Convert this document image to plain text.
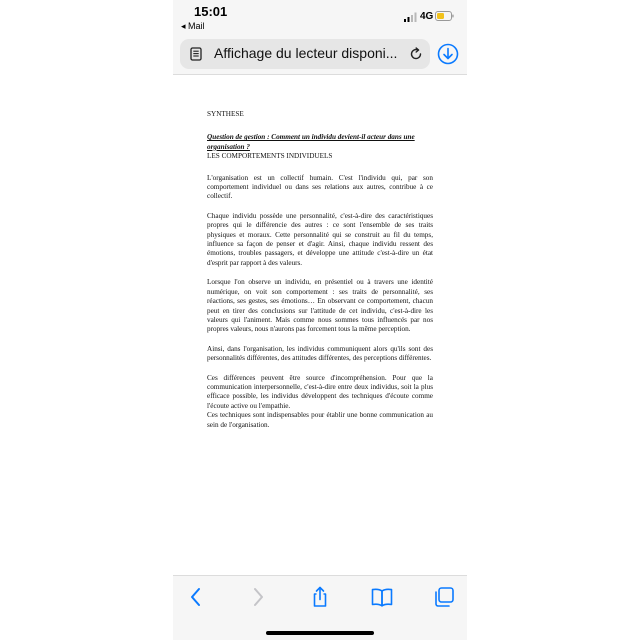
15:01
◂ Mail
4G
Affichage du lecteur disponi...
SYNTHESE
Question de gestion : Comment un individu devient-il acteur dans une organisation ?
LES COMPORTEMENTS INDIVIDUELS

L'organisation est un collectif humain. C'est l'individu qui, par son comportement individuel ou dans ses relations aux autres, contribue à ce collectif.

Chaque individu possède une personnalité, c'est-à-dire des caractéristiques propres qui le différencie des autres : ce sont l'ensemble de ses traits physiques et moraux. Cette personnalité qui se construit au fil du temps, influence sa façon de penser et d'agir. Ainsi, chaque individu ressent des émotions, troubles passagers, et développe une attitude c'est-à-dire un état d'esprit par rapport à des valeurs.

Lorsque l'on observe un individu, en présentiel ou à travers une identité numérique, on voit son comportement : ses traits de personnalité, ses réactions, ses gestes, ses émotions… En observant ce comportement, chacun peut en tirer des conclusions sur l'attitude de cet individu, c'est-à-dire les valeurs qui l'animent. Mais comme nous sommes tous influencés par nos propres valeurs, nous n'aurons pas forcement tous la même perception.

Ainsi, dans l'organisation, les individus communiquent alors qu'ils sont des personnalités différentes, des attitudes différentes, des perceptions différentes.

Ces différences peuvent être source d'incompréhension. Pour que la communication interpersonnelle, c'est-à-dire entre deux individus, soit la plus efficace possible, les individus développent des techniques d'écoute comme l'écoute active ou l'empathie.

Ces techniques sont indispensables pour établir une bonne communication au sein de l'organisation.
